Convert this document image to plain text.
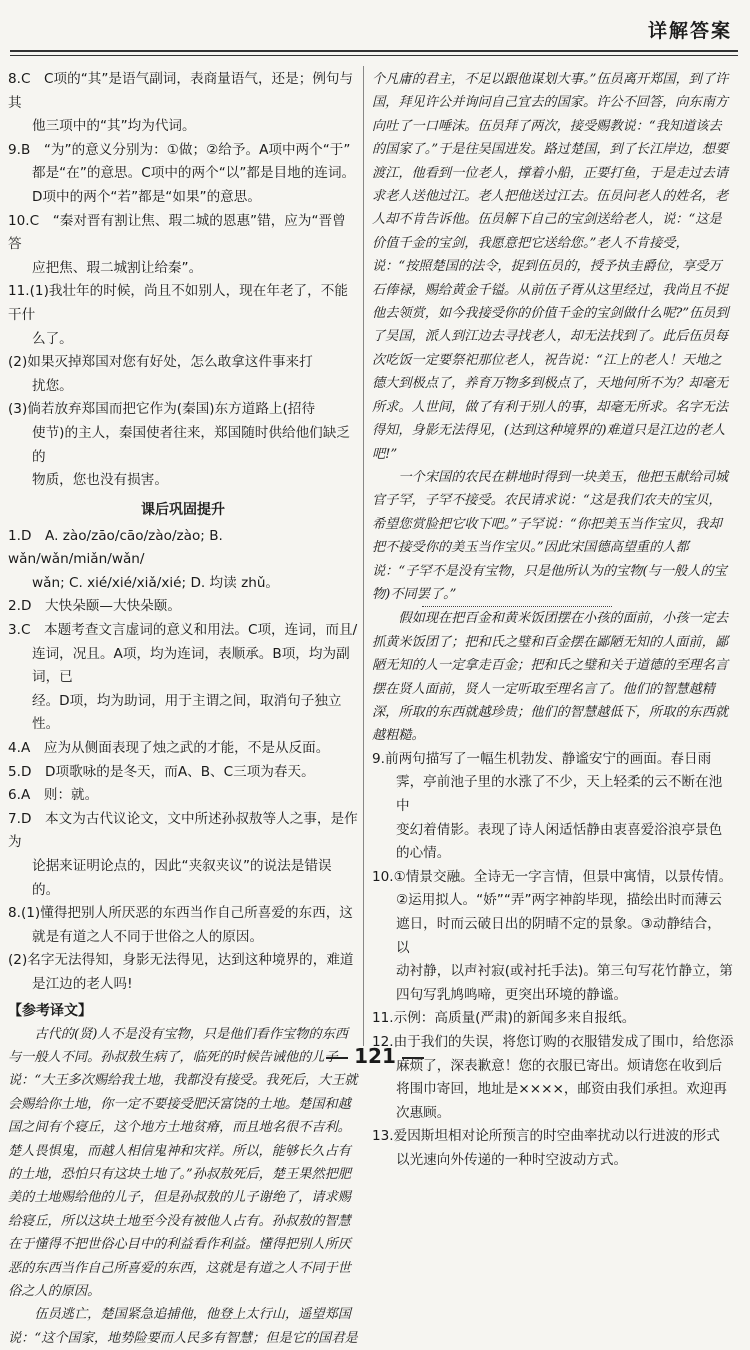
详解答案
8.C　C项的“其”是语气副词，表商量语气，还是；例句与其
他三项中的“其”均为代词。
9.B　“为”的意义分别为：①做；②给予。A项中两个“于”
都是“在”的意思。C项中的两个“以”都是目地的连词。
D项中的两个“若”都是“如果”的意思。
10.C　“秦对晋有割让焦、瑕二城的恩惠”错，应为“晋曾答
应把焦、瑕二城割让给秦”。
11.(1)我壮年的时候，尚且不如别人，现在年老了，不能干什
么了。
(2)如果灭掉郑国对您有好处，怎么敢拿这件事来打
扰您。
(3)倘若放弃郑国而把它作为(秦国)东方道路上(招待
使节)的主人，秦国使者往来，郑国随时供给他们缺乏的
物质，您也没有损害。
课后巩固提升
1.D　A. zào/zāo/cāo/zào/zào; B. wǎn/wǎn/miǎn/wǎn/
wǎn; C. xié/xié/xiǎ/xié; D. 均读 zhǔ。
2.D　大快朵颐—大快朵颐。
3.C　本题考查文言虚词的意义和用法。C项，连词，而且/
连词，况且。A项，均为连词，表顺承。B项，均为副词，已
经。D项，均为助词，用于主谓之间，取消句子独立性。
4.A　应为从侧面表现了烛之武的才能，不是从反面。
5.D　D项歌咏的是冬天，而A、B、C三项为春天。
6.A　则：就。
7.D　本文为古代议论文，文中所述孙叔敖等人之事，是作为
论据来证明论点的，因此“夹叙夹议”的说法是错误的。
8.(1)懂得把别人所厌恶的东西当作自己所喜爱的东西，这
就是有道之人不同于世俗之人的原因。
(2)名字无法得知，身影无法得见，达到这种境界的，难道
是江边的老人吗!
【参考译文】

古代的(贤)人不是没有宝物，只是他们看作宝物的东西与一般人不同。孙叔敖生病了，临死的时候告诫他的儿子说：“大王多次赐给我土地，我都没有接受。我死后，大王就会赐给你土地，你一定不要接受肥沃富饶的土地。楚国和越国之间有个寝丘，这个地方土地贫瘠，而且地名很不吉利。楚人畏惧鬼，而越人相信鬼神和灾祥。所以，能够长久占有的土地，恐怕只有这块土地了。”孙叔敖死后，楚王果然把肥美的土地赐给他的儿子，但是孙叔敖的儿子谢绝了，请求赐给寝丘，所以这块土地至今没有被他人占有。孙叔敖的智慧在于懂得不把世俗心目中的利益看作利益。懂得把别人所厌恶的东西当作自己所喜爱的东西，这就是有道之人不同于世俗之人的原因。

伍员逃亡，楚国紧急追捕他，他登上太行山，遥望郑国说：“这个国家，地势险要而人民多有智慧；但是它的国君是

个凡庸的君主，不足以跟他谋划大事。”伍员离开郑国，到了许国，拜见许公并询问自己宜去的国家。许公不回答，向东南方向吐了一口唾沫。伍员拜了两次，接受赐教说：“我知道该去的国家了。”于是往吴国进发。路过楚国，到了长江岸边，想要渡江，他看到一位老人，撑着小船，正要打鱼，于是走过去请求老人送他过江。老人把他送过江去。伍员问老人的姓名，老人却不肯告诉他。伍员解下自己的宝剑送给老人，说：“这是价值千金的宝剑，我愿意把它送给您。”老人不肯接受，说：“按照楚国的法令，捉到伍员的，授予执圭爵位，享受万石俸禄，赐给黄金千镒。从前伍子胥从这里经过，我尚且不捉他去领赏，如今我接受你的价值千金的宝剑做什么呢?”伍员到了吴国，派人到江边去寻找老人，却无法找到了。此后伍员每次吃饭一定要祭祀那位老人，祝告说：“江上的老人！天地之德大到极点了，养育万物多到极点了，天地何所不为？却毫无所求。人世间，做了有利于别人的事，却毫无所求。名字无法得知，身影无法得见，(达到这种境界的)难道只是江边的老人吧!”

一个宋国的农民在耕地时得到一块美玉，他把玉献给司城官子罕，子罕不接受。农民请求说：“这是我们农夫的宝贝，希望您赏脸把它收下吧。”子罕说：“你把美玉当作宝贝，我却把不接受你的美玉当作宝贝。”因此宋国德高望重的人都说：“子罕不是没有宝物，只是他所认为的宝物(与一般人的宝物)不同罢了。”

假如现在把百金和黄米饭团摆在小孩的面前，小孩一定去抓黄米饭团了；把和氏之璧和百金摆在鄙陋无知的人面前，鄙陋无知的人一定拿走百金；把和氏之璧和关于道德的至理名言摆在贤人面前，贤人一定听取至理名言了。他们的智慧越精深，所取的东西就越珍贵；他们的智慧越低下，所取的东西就越粗糙。

9.前两句描写了一幅生机勃发、静谧安宁的画面。春日雨
霁，亭前池子里的水涨了不少，天上轻柔的云不断在池中
变幻着倩影。表现了诗人闲适恬静由衷喜爱浴浪亭景色
的心情。
10.①情景交融。全诗无一字言情，但景中寓情，以景传情。
②运用拟人。“娇”“弄”两字神韵毕现，描绘出时而薄云
遮日，时而云破日出的阴晴不定的景象。③动静结合，以
动衬静，以声衬寂(或衬托手法)。第三句写花竹静立，第
四句写乳鸠鸣啼，更突出环境的静谧。
11.示例：高质量(严肃)的新闻多来自报纸。
12.由于我们的失误，将您订购的衣服错发成了围巾，给您添
麻烦了，深表歉意！您的衣服已寄出。烦请您在收到后
将围巾寄回，地址是××××，邮资由我们承担。欢迎再
次惠顾。
13.爱因斯坦相对论所预言的时空曲率扰动以行进波的形式
以光速向外传递的一种时空波动方式。
121
